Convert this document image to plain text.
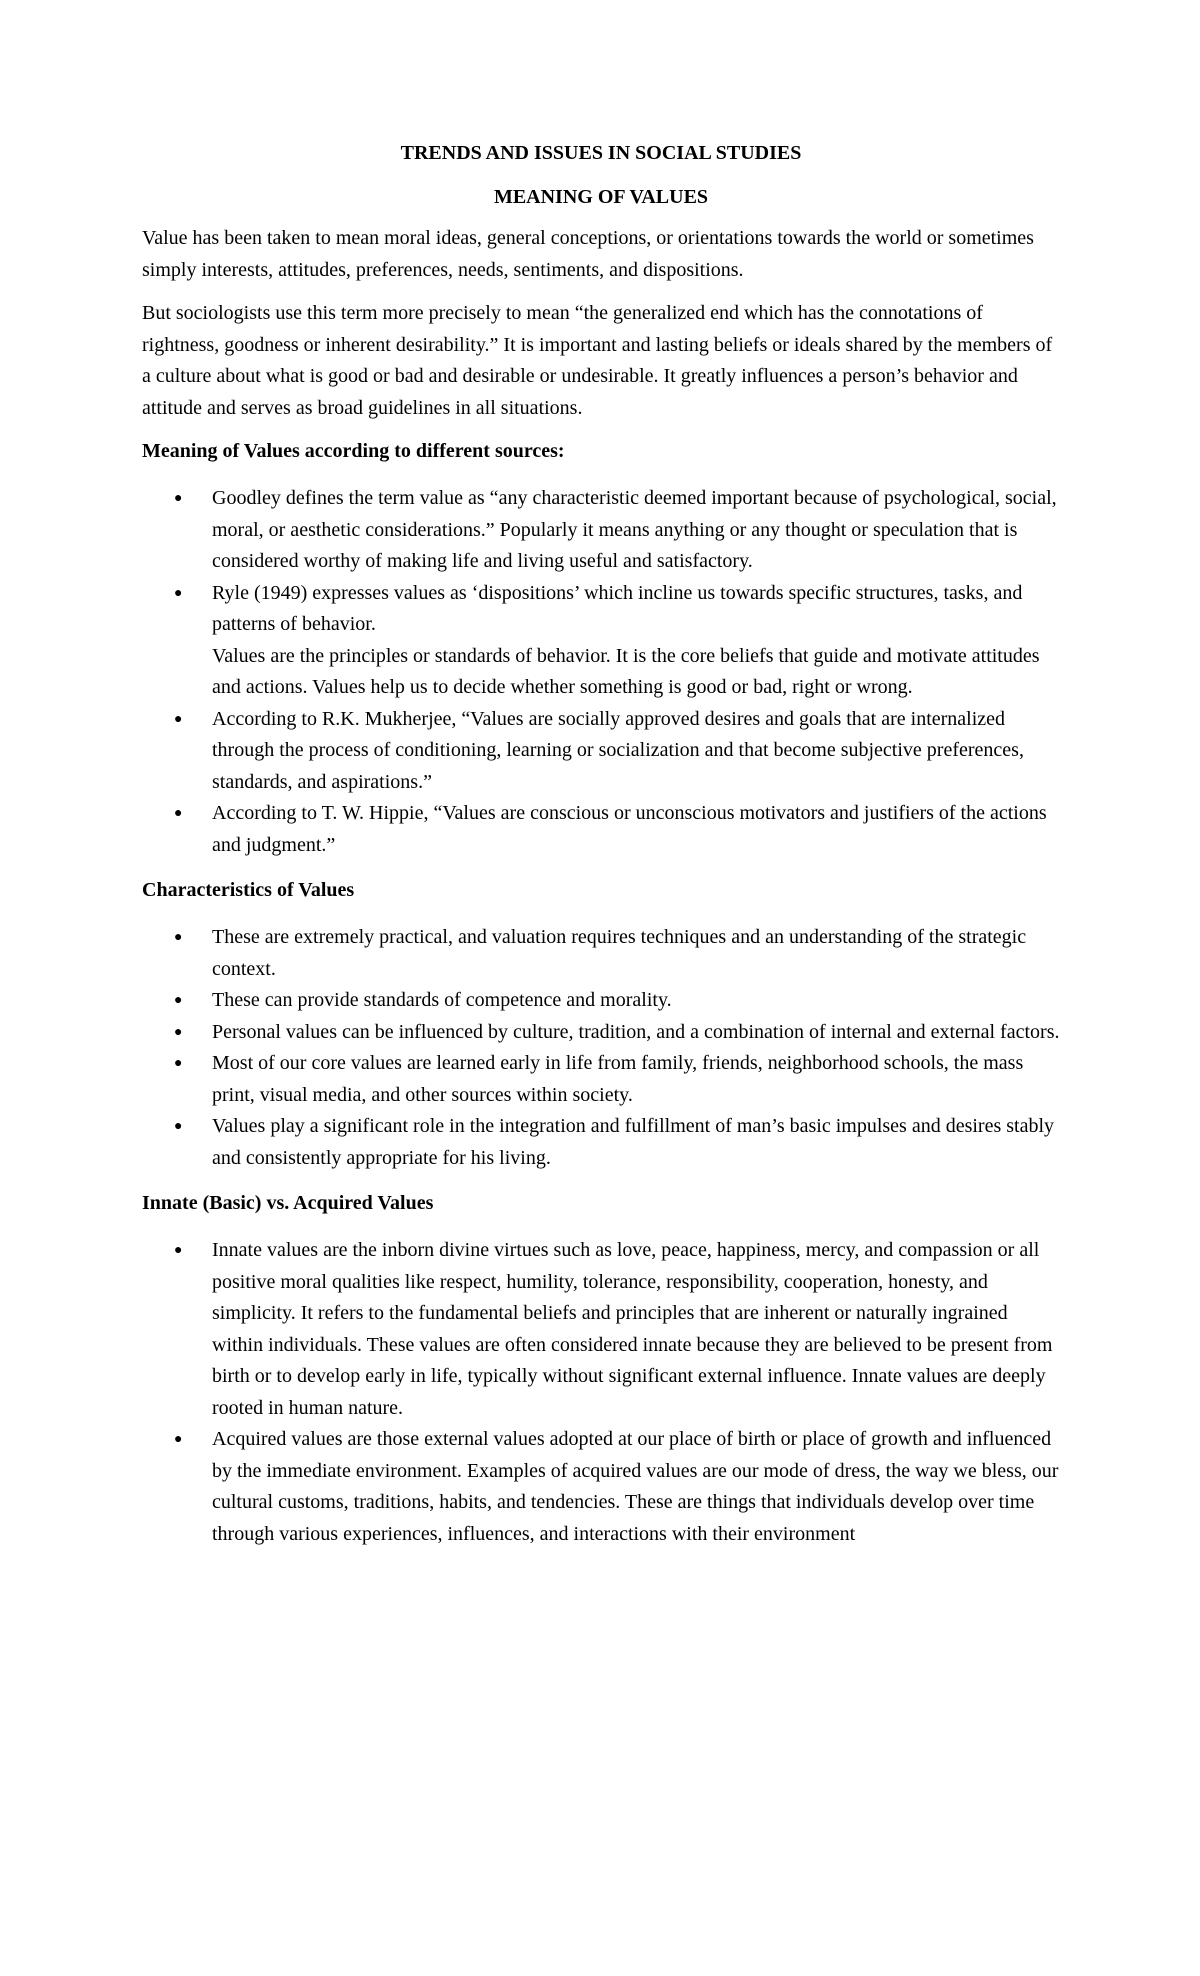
TRENDS AND ISSUES IN SOCIAL STUDIES
MEANING OF VALUES

Value has been taken to mean moral ideas, general conceptions, or orientations towards the world or sometimes simply interests, attitudes, preferences, needs, sentiments, and dispositions.

But sociologists use this term more precisely to mean “the generalized end which has the connotations of rightness, goodness or inherent desirability.” It is important and lasting beliefs or ideals shared by the members of a culture about what is good or bad and desirable or undesirable. It greatly influences a person’s behavior and attitude and serves as broad guidelines in all situations.

Meaning of Values according to different sources:
● Goodley defines the term value as “any characteristic deemed important because of psychological, social, moral, or aesthetic considerations.” Popularly it means anything or any thought or speculation that is considered worthy of making life and living useful and satisfactory.
● Ryle (1949) expresses values as ‘dispositions’ which incline us towards specific structures, tasks, and patterns of behavior.
Values are the principles or standards of behavior. It is the core beliefs that guide and motivate attitudes and actions. Values help us to decide whether something is good or bad, right or wrong.
● According to R.K. Mukherjee, “Values are socially approved desires and goals that are internalized through the process of conditioning, learning or socialization and that become subjective preferences, standards, and aspirations.”
● According to T. W. Hippie, “Values are conscious or unconscious motivators and justifiers of the actions and judgment.”
Characteristics of Values
● These are extremely practical, and valuation requires techniques and an understanding of the strategic context.
● These can provide standards of competence and morality.
● Personal values can be influenced by culture, tradition, and a combination of internal and external factors.
● Most of our core values are learned early in life from family, friends, neighborhood schools, the mass print, visual media, and other sources within society.
● Values play a significant role in the integration and fulfillment of man’s basic impulses and desires stably and consistently appropriate for his living.
Innate (Basic) vs. Acquired Values
● Innate values are the inborn divine virtues such as love, peace, happiness, mercy, and compassion or all positive moral qualities like respect, humility, tolerance, responsibility, cooperation, honesty, and simplicity. It refers to the fundamental beliefs and principles that are inherent or naturally ingrained within individuals. These values are often considered innate because they are believed to be present from birth or to develop early in life, typically without significant external influence. Innate values are deeply rooted in human nature.
● Acquired values are those external values adopted at our place of birth or place of growth and influenced by the immediate environment. Examples of acquired values are our mode of dress, the way we bless, our cultural customs, traditions, habits, and tendencies. These are things that individuals develop over time through various experiences, influences, and interactions with their environment
